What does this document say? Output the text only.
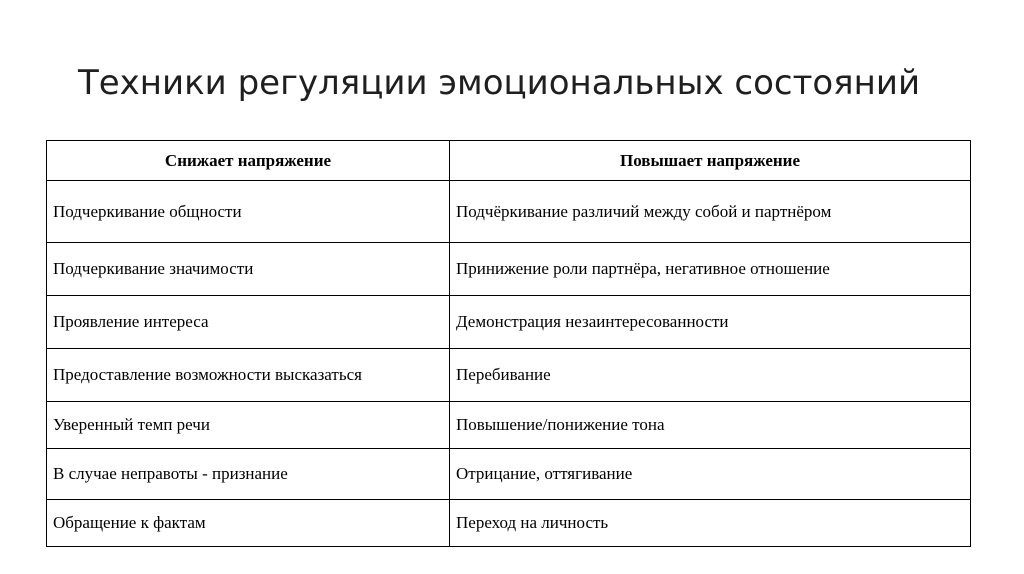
Техники регуляции эмоциональных состояний
Снижает напряжение	Повышает напряжение
Подчеркивание общности	Подчёркивание различий между собой и партнёром
Подчеркивание значимости	Принижение роли партнёра, негативное отношение
Проявление интереса	Демонстрация незаинтересованности
Предоставление возможности высказаться	Перебивание
Уверенный темп речи	Повышение/понижение тона
В случае неправоты - признание	Отрицание, оттягивание
Обращение к фактам	Переход на личность
